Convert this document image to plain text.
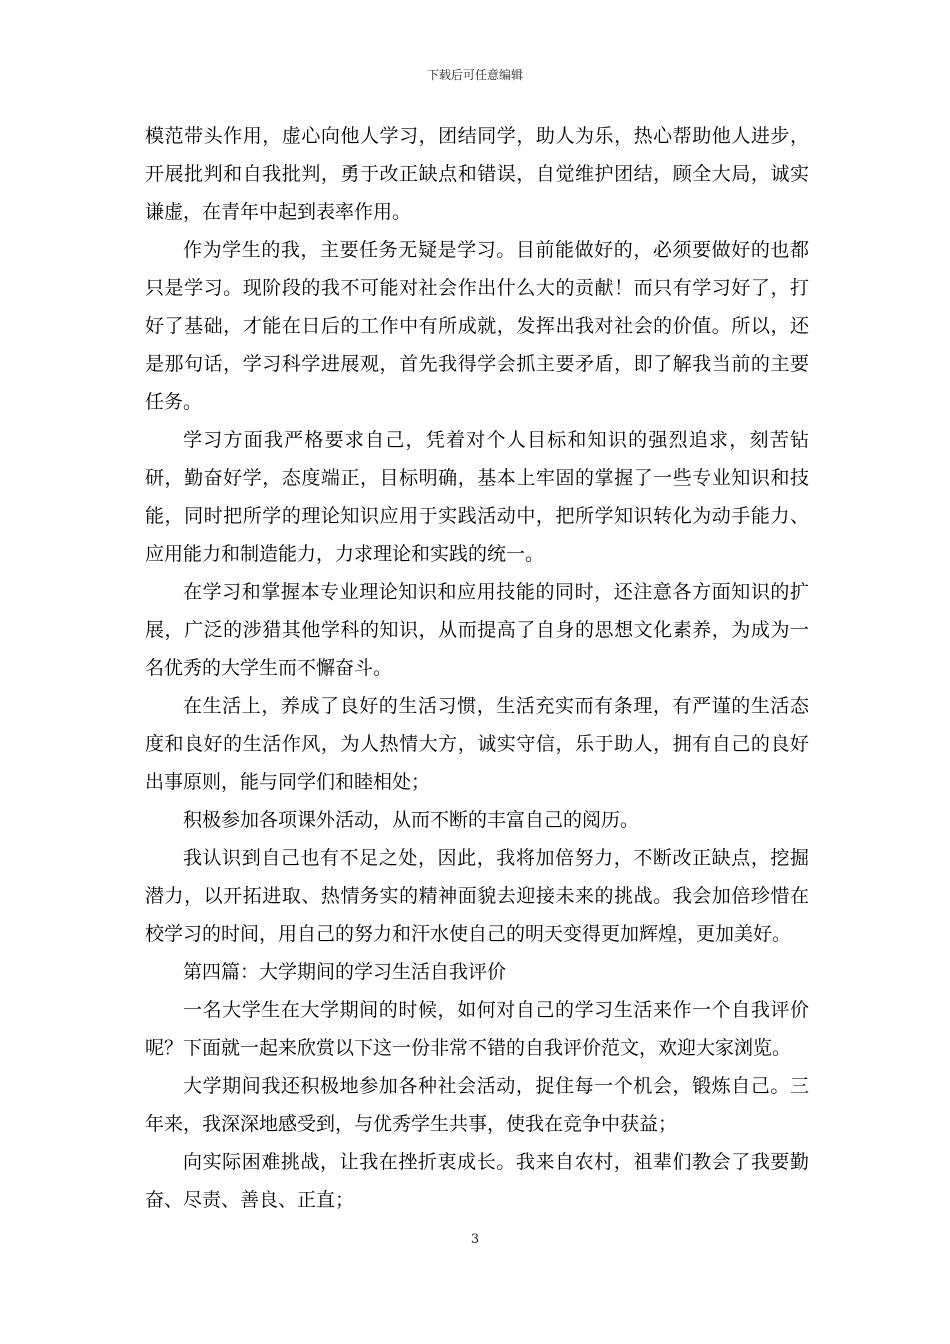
下载后可任意编辑

模范带头作用，虚心向他人学习，团结同学，助人为乐，热心帮助他人进步，开展批判和自我批判，勇于改正缺点和错误，自觉维护团结，顾全大局，诚实谦虚，在青年中起到表率作用。

作为学生的我，主要任务无疑是学习。目前能做好的，必须要做好的也都只是学习。现阶段的我不可能对社会作出什么大的贡献！而只有学习好了，打好了基础，才能在日后的工作中有所成就，发挥出我对社会的价值。所以，还是那句话，学习科学进展观，首先我得学会抓主要矛盾，即了解我当前的主要任务。

学习方面我严格要求自己，凭着对个人目标和知识的强烈追求，刻苦钻研，勤奋好学，态度端正，目标明确，基本上牢固的掌握了一些专业知识和技能，同时把所学的理论知识应用于实践活动中，把所学知识转化为动手能力、应用能力和制造能力，力求理论和实践的统一。

在学习和掌握本专业理论知识和应用技能的同时，还注意各方面知识的扩展，广泛的涉猎其他学科的知识，从而提高了自身的思想文化素养，为成为一名优秀的大学生而不懈奋斗。

在生活上，养成了良好的生活习惯，生活充实而有条理，有严谨的生活态度和良好的生活作风，为人热情大方，诚实守信，乐于助人，拥有自己的良好出事原则，能与同学们和睦相处；

积极参加各项课外活动，从而不断的丰富自己的阅历。

我认识到自己也有不足之处，因此，我将加倍努力，不断改正缺点，挖掘潜力，以开拓进取、热情务实的精神面貌去迎接未来的挑战。我会加倍珍惜在校学习的时间，用自己的努力和汗水使自己的明天变得更加辉煌，更加美好。

第四篇：大学期间的学习生活自我评价

一名大学生在大学期间的时候，如何对自己的学习生活来作一个自我评价呢？下面就一起来欣赏以下这一份非常不错的自我评价范文，欢迎大家浏览。

大学期间我还积极地参加各种社会活动，捉住每一个机会，锻炼自己。三年来，我深深地感受到，与优秀学生共事，使我在竞争中获益；

向实际困难挑战，让我在挫折衷成长。我来自农村，祖辈们教会了我要勤奋、尽责、善良、正直；

3
